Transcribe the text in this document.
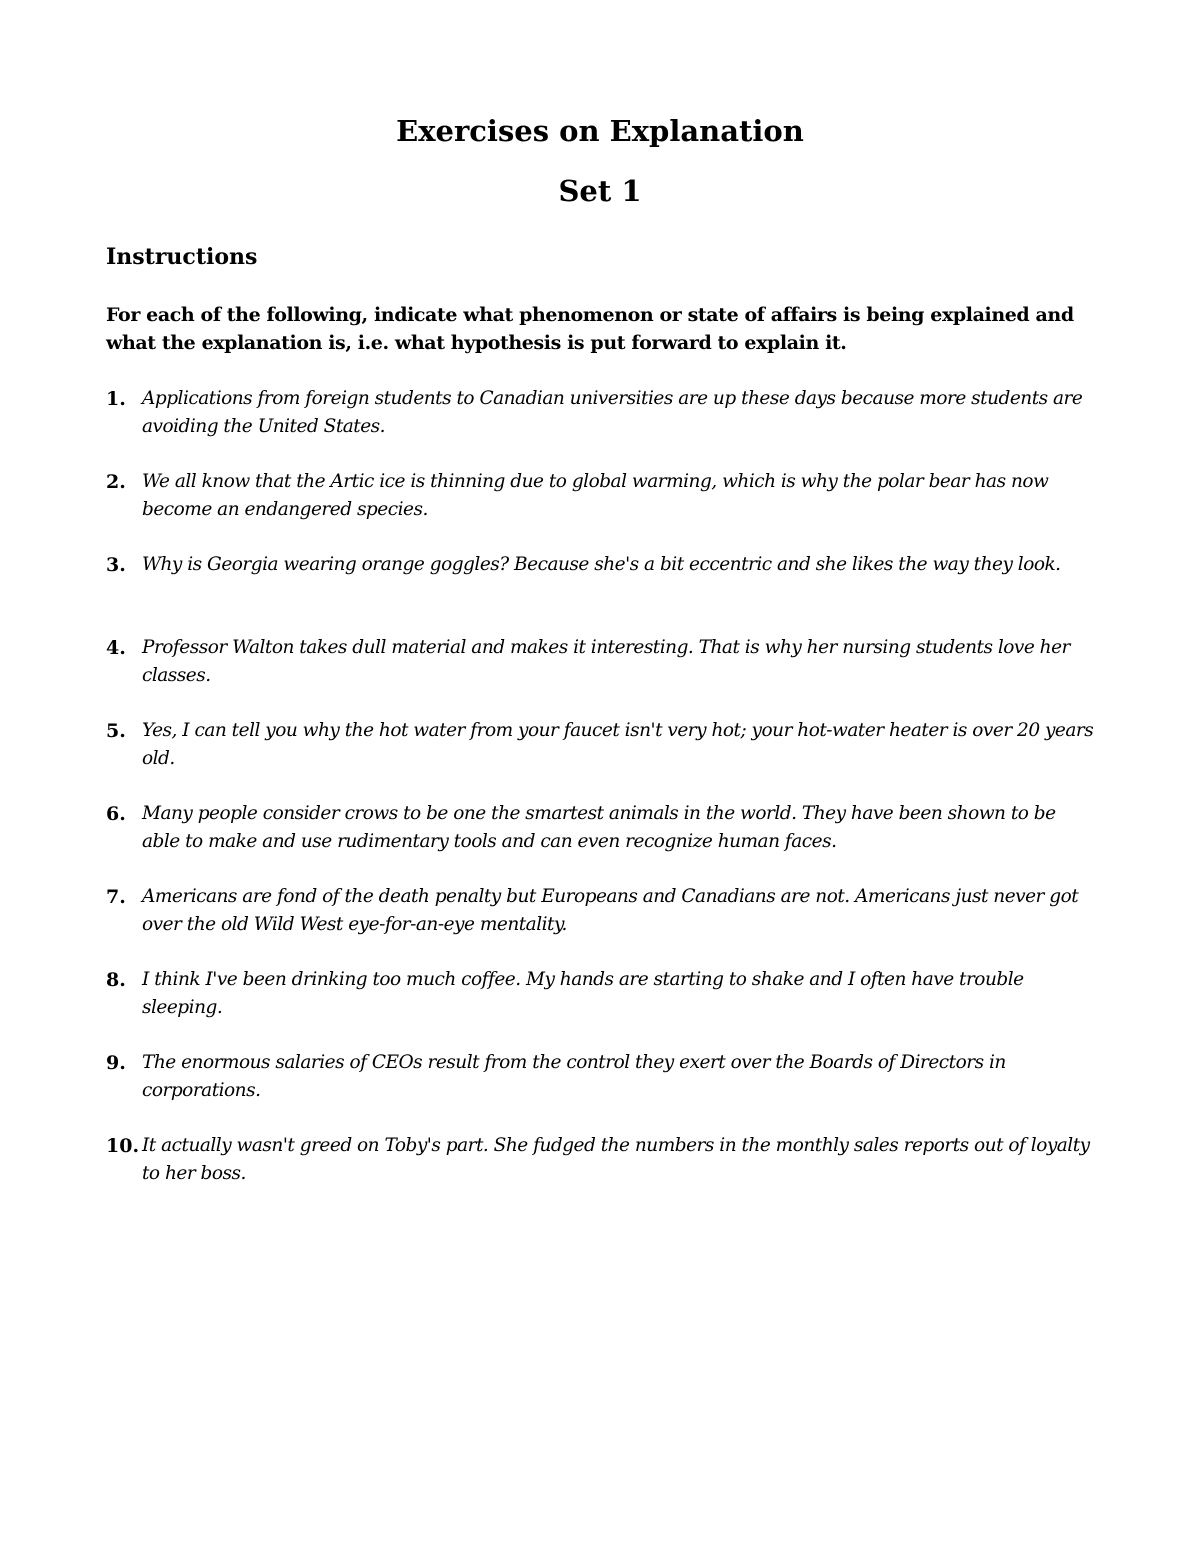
Exercises on Explanation
Set 1
Instructions
For each of the following, indicate what phenomenon or state of affairs is being explained and what the explanation is, i.e. what hypothesis is put forward to explain it.
1. Applications from foreign students to Canadian universities are up these days because more students are avoiding the United States.
2. We all know that the Artic ice is thinning due to global warming, which is why the polar bear has now become an endangered species.
3. Why is Georgia wearing orange goggles? Because she's a bit eccentric and she likes the way they look.
4. Professor Walton takes dull material and makes it interesting. That is why her nursing students love her classes.
5. Yes, I can tell you why the hot water from your faucet isn't very hot; your hot-water heater is over 20 years old.
6. Many people consider crows to be one the smartest animals in the world. They have been shown to be able to make and use rudimentary tools and can even recognize human faces.
7. Americans are fond of the death penalty but Europeans and Canadians are not. Americans just never got over the old Wild West eye-for-an-eye mentality.
8. I think I've been drinking too much coffee. My hands are starting to shake and I often have trouble sleeping.
9. The enormous salaries of CEOs result from the control they exert over the Boards of Directors in corporations.
10. It actually wasn't greed on Toby's part. She fudged the numbers in the monthly sales reports out of loyalty to her boss.
